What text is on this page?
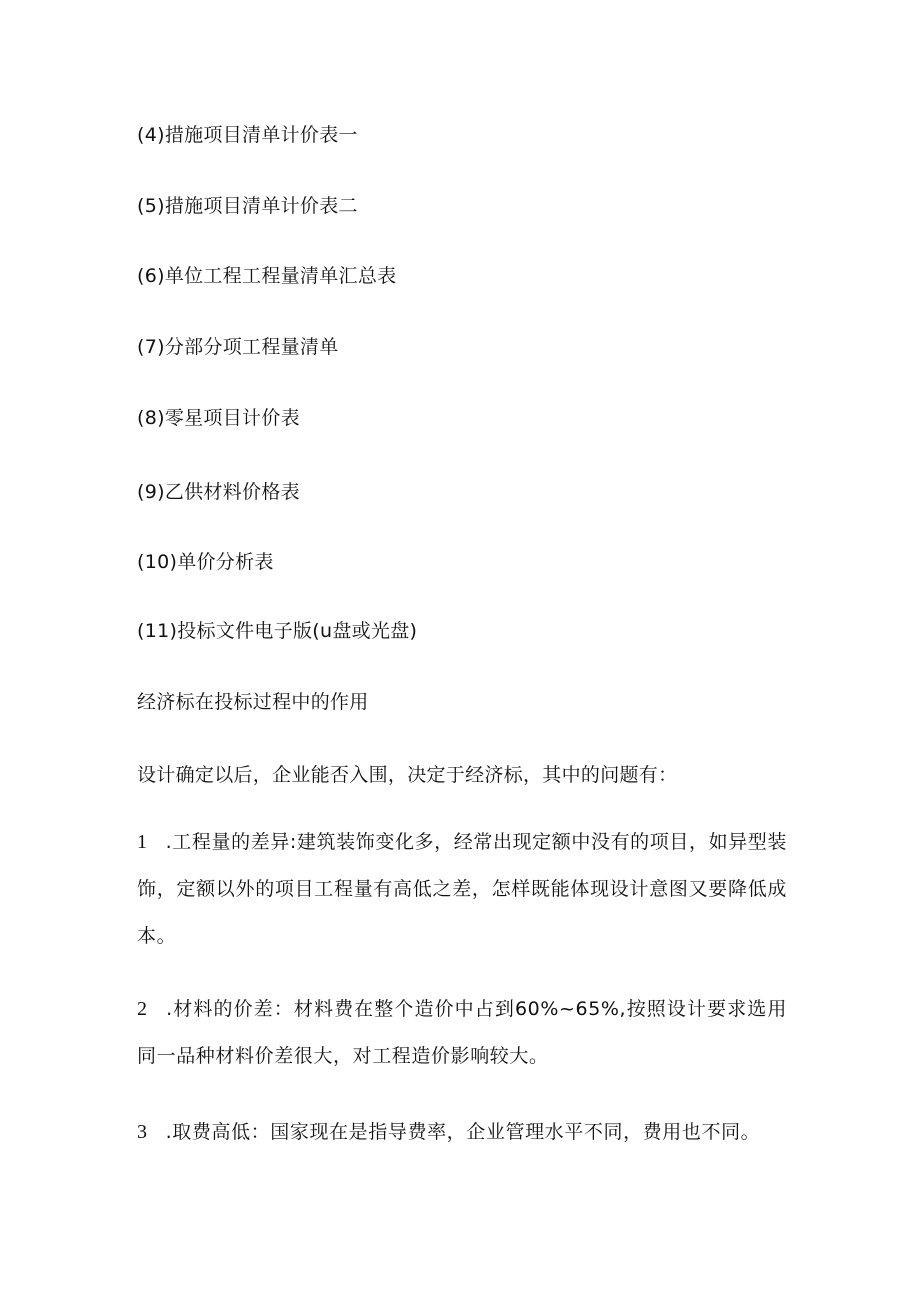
(4)措施项目清单计价表一
(5)措施项目清单计价表二
(6)单位工程工程量清单汇总表
(7)分部分项工程量清单
(8)零星项目计价表
(9)乙供材料价格表
(10)单价分析表
(11)投标文件电子版(u盘或光盘)
经济标在投标过程中的作用
设计确定以后，企业能否入围，决定于经济标，其中的问题有：
1 .工程量的差异:建筑装饰变化多，经常出现定额中没有的项目，如异型装饰，定额以外的项目工程量有高低之差，怎样既能体现设计意图又要降低成本。
2 .材料的价差：材料费在整个造价中占到60%~65%,按照设计要求选用同一品种材料价差很大，对工程造价影响较大。
3 .取费高低：国家现在是指导费率，企业管理水平不同，费用也不同。
